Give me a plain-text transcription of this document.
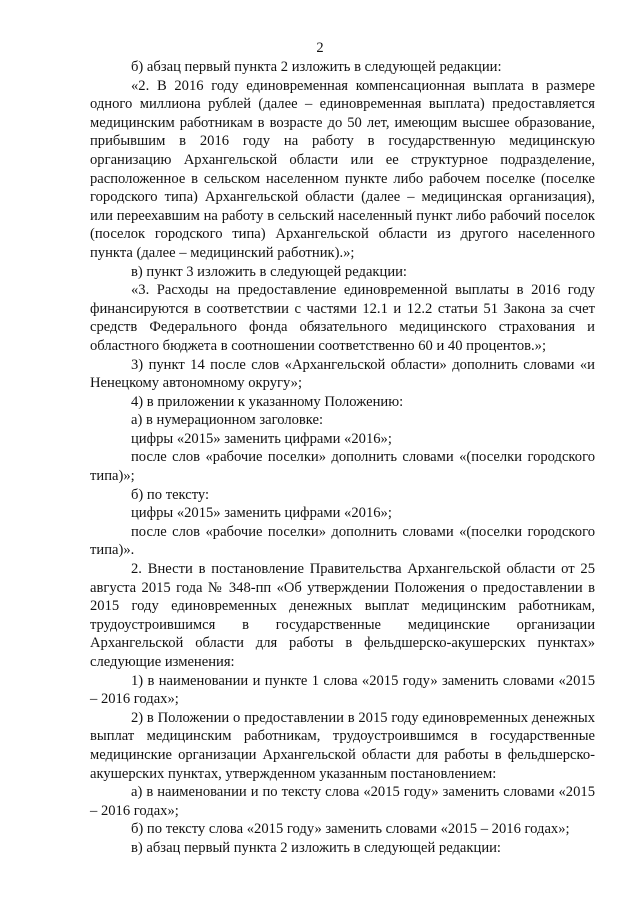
2

б) абзац первый пункта 2 изложить в следующей редакции:

«2. В 2016 году единовременная компенсационная выплата в размере одного миллиона рублей (далее – единовременная выплата) предоставляется медицинским работникам в возрасте до 50 лет, имеющим высшее образование, прибывшим в 2016 году на работу в государственную медицинскую организацию Архангельской области или ее структурное подразделение, расположенное в сельском населенном пункте либо рабочем поселке (поселке городского типа) Архангельской области (далее – медицинская организация), или переехавшим на работу в сельский населенный пункт либо рабочий поселок (поселок городского типа) Архангельской области из другого населенного пункта (далее – медицинский работник).»;

в) пункт 3 изложить в следующей редакции:

«3. Расходы на предоставление единовременной выплаты в 2016 году финансируются в соответствии с частями 12.1 и 12.2 статьи 51 Закона за счет средств Федерального фонда обязательного медицинского страхования и областного бюджета в соотношении соответственно 60 и 40 процентов.»;

3) пункт 14 после слов «Архангельской области» дополнить словами «и Ненецкому автономному округу»;

4) в приложении к указанному Положению:

а) в нумерационном заголовке:

цифры «2015» заменить цифрами «2016»;

после слов «рабочие поселки» дополнить словами «(поселки городского типа)»;

б) по тексту:

цифры «2015» заменить цифрами «2016»;

после слов «рабочие поселки» дополнить словами «(поселки городского типа)».

2. Внести в постановление Правительства Архангельской области от 25 августа 2015 года № 348-пп «Об утверждении Положения о предоставлении в 2015 году единовременных денежных выплат медицинским работникам, трудоустроившимся в государственные медицинские организации Архангельской области для работы в фельдшерско-акушерских пунктах» следующие изменения:

1) в наименовании и пункте 1 слова «2015 году» заменить словами «2015 – 2016 годах»;

2) в Положении о предоставлении в 2015 году единовременных денежных выплат медицинским работникам, трудоустроившимся в государственные медицинские организации Архангельской области для работы в фельдшерско-акушерских пунктах, утвержденном указанным постановлением:

а) в наименовании и по тексту слова «2015 году» заменить словами «2015 – 2016 годах»;

б) по тексту слова «2015 году» заменить словами «2015 – 2016 годах»;

в) абзац первый пункта 2 изложить в следующей редакции:
